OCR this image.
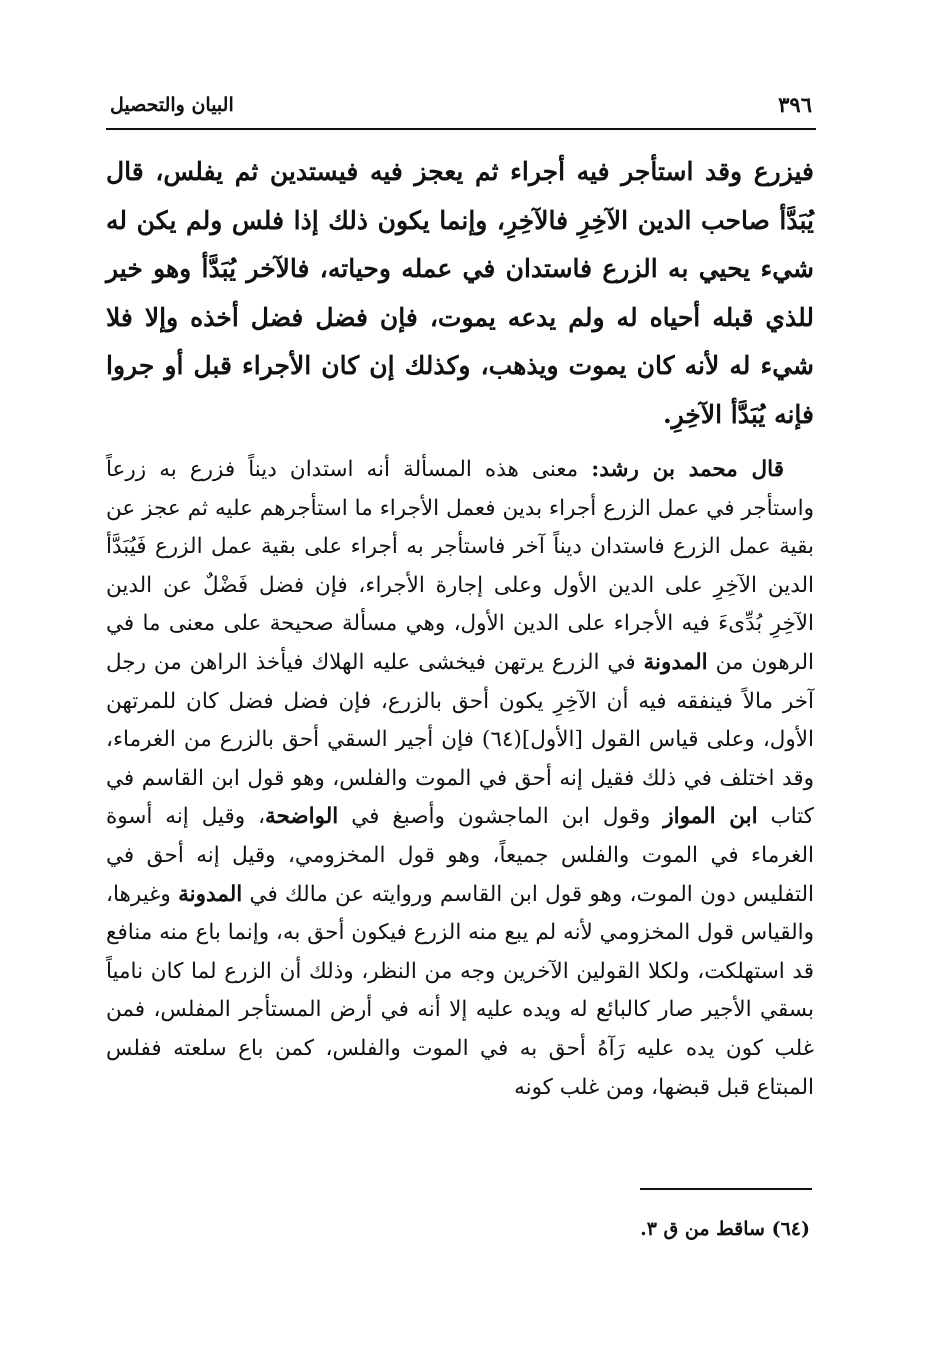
٣٩٦
البيان والتحصيل

فيزرع وقد استأجر فيه أجراء ثم يعجز فيه فيستدين ثم يفلس، قال يُبَدَّأ صاحب الدين الآخِرِ فالآخِرِ، وإنما يكون ذلك إذا فلس ولم يكن له شيء يحيي به الزرع فاستدان في عمله وحياته، فالآخر يُبَدَّأ وهو خير للذي قبله أحياه له ولم يدعه يموت، فإن فضل فضل أخذه وإلا فلا شيء له لأنه كان يموت ويذهب، وكذلك إن كان الأجراء قبل أو جروا فإنه يُبَدَّأ الآخِرِ.

قال محمد بن رشد: معنى هذه المسألة أنه استدان ديناً فزرع به زرعاً واستأجر في عمل الزرع أجراء بدين فعمل الأجراء ما استأجرهم عليه ثم عجز عن بقية عمل الزرع فاستدان ديناً آخر فاستأجر به أجراء على بقية عمل الزرع فَيُبَدَّأ الدين الآخِرِ على الدين الأول وعلى إجارة الأجراء، فإن فضل فَضْلٌ عن الدين الآخِرِ بُدِّىءَ فيه الأجراء على الدين الأول، وهي مسألة صحيحة على معنى ما في الرهون من المدونة في الزرع يرتهن فيخشى عليه الهلاك فيأخذ الراهن من رجل آخر مالاً فينفقه فيه أن الآخِرِ يكون أحق بالزرع، فإن فضل فضل كان للمرتهن الأول، وعلى قياس القول [الأول](٦٤) فإن أجير السقي أحق بالزرع من الغرماء، وقد اختلف في ذلك فقيل إنه أحق في الموت والفلس، وهو قول ابن القاسم في كتاب ابن المواز وقول ابن الماجشون وأصبغ في الواضحة، وقيل إنه أسوة الغرماء في الموت والفلس جميعاً، وهو قول المخزومي، وقيل إنه أحق في التفليس دون الموت، وهو قول ابن القاسم وروايته عن مالك في المدونة وغيرها، والقياس قول المخزومي لأنه لم يبع منه الزرع فيكون أحق به، وإنما باع منه منافع قد استهلكت، ولكلا القولين الآخرين وجه من النظر، وذلك أن الزرع لما كان نامياً بسقي الأجير صار كالبائع له ويده عليه إلا أنه في أرض المستأجر المفلس، فمن غلب كون يده عليه رَآهُ أحق به في الموت والفلس، كمن باع سلعته ففلس المبتاع قبل قبضها، ومن غلب كونه

(٦٤) ساقط من ق ٣.
